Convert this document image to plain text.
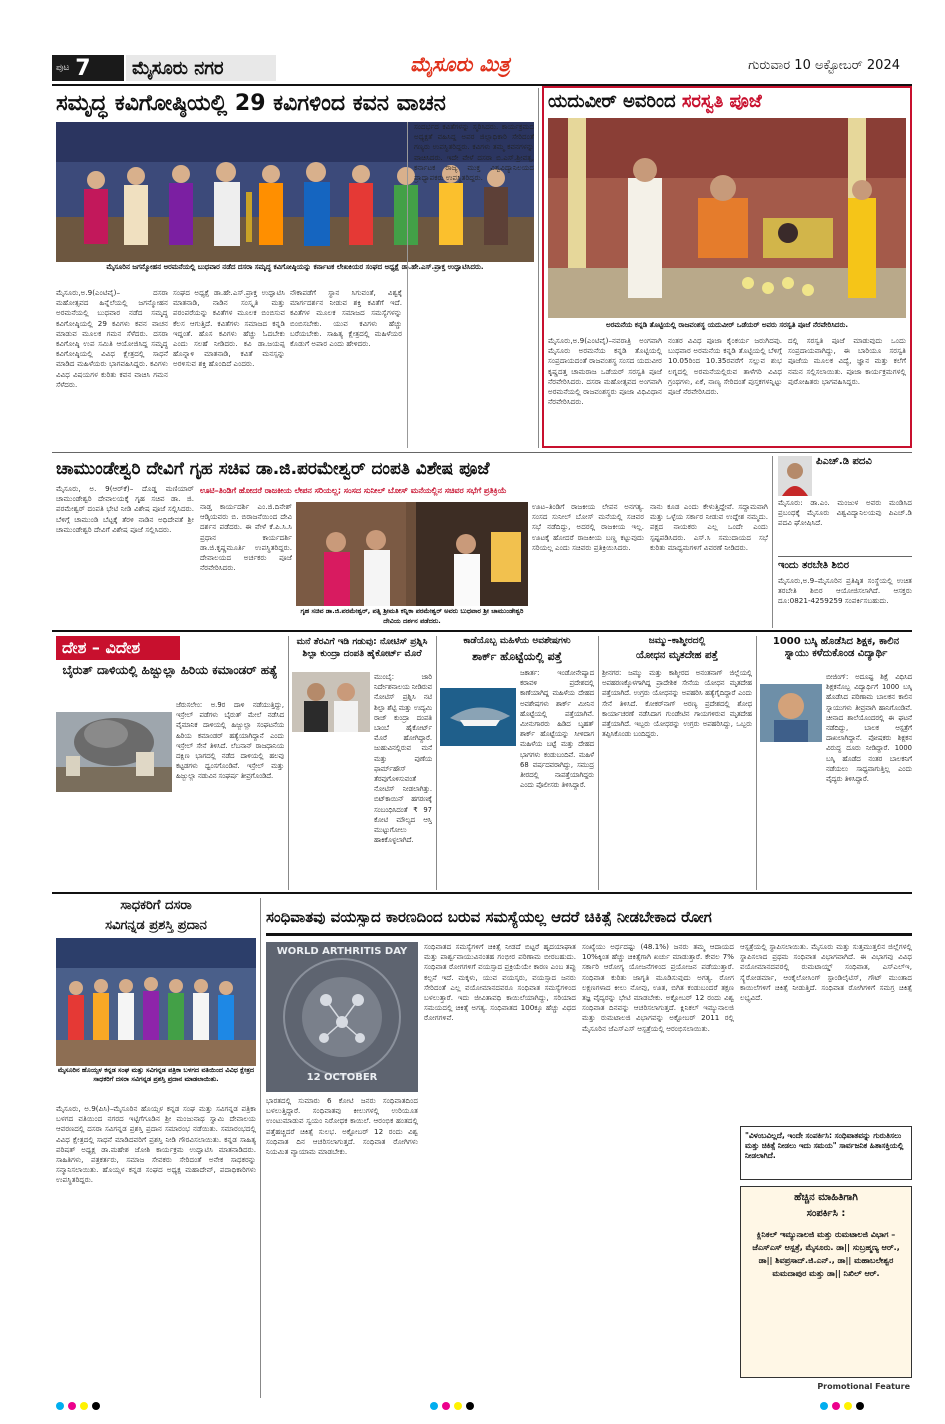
ಪುಟ 7	ಮೈಸೂರು ನಗರ	ಮೈಸೂರು ಮಿತ್ರ	ಗುರುವಾರ 10 ಅಕ್ಟೋಬರ್ 2024
ಸಮೃದ್ಧ ಕವಿಗೋಷ್ಠಿಯಲ್ಲಿ 29 ಕವಿಗಳಿಂದ ಕವನ ವಾಚನ
ಮೈಸೂರಿನ ಜಗನ್ಮೋಹನ ಅರಮನೆಯಲ್ಲಿ ಬುಧವಾರ ನಡೆದ ದಸರಾ ಸಮೃದ್ಧ ಕವಿಗೋಷ್ಠಿಯನ್ನು ಕರ್ನಾಟಕ ಲೇಖಕಿಯರ ಸಂಘದ ಅಧ್ಯಕ್ಷೆ ಡಾ.ಹೇ.ಎಸ್.ಪ್ರಾಕ್ತ ಉದ್ಘಾಟಿಸಿದರು.
ಮೈಸೂರು,ಅ.9(ಎಂಟಿವೈ)– ದಸರಾ ಮಹೋತ್ಸವದ ಹಿನ್ನೆಲೆಯಲ್ಲಿ ಜಗನ್ಮೋಹನ ಅರಮನೆಯಲ್ಲಿ ಬುಧವಾರ ನಡೆದ ಸಮೃದ್ಧ ಕವಿಗೋಷ್ಠಿಯಲ್ಲಿ 29 ಕವಿಗಳು ಕವನ ವಾಚನ ಮಾಡುವ ಮೂಲಕ ಗಮನ ಸೆಳೆದರು. ದಸರಾ ಕವಿಗೋಷ್ಠಿ ಉಪ ಸಮಿತಿ ಆಯೋಜಿಸಿದ್ದ ಸಮೃದ್ಧ ಕವಿಗೋಷ್ಠಿಯಲ್ಲಿ ವಿವಿಧ ಕ್ಷೇತ್ರದಲ್ಲಿ ಸಾಧನೆ ಮಾಡಿದ ಮಹಿಳೆಯರು ಭಾಗವಹಿಸಿದ್ದರು. ಕವಿಗಳು ವಿವಿಧ ವಿಷಯಗಳ ಕುರಿತು ಕವನ ವಾಚಿಸಿ ಗಮನ ಸೆಳೆದರು.
ಸಂಘದ ಅಧ್ಯಕ್ಷೆ ಡಾ.ಹೇ.ಎಸ್.ಪ್ರಾಕ್ತ ಉದ್ಘಾಟಿಸಿ ಮಾತನಾಡಿ, ನಾಡಿನ ಸಂಸ್ಕೃತಿ ಮತ್ತು ಪರಂಪರೆಯನ್ನು ಕವಿತೆಗಳ ಮೂಲಕ ಬಿಂಬಿಸುವ ಕೆಲಸ ಆಗುತ್ತಿದೆ. ಕವಿತೆಗಳು ಸಮಾಜದ ಕನ್ನಡಿ ಇದ್ದಂತೆ. ಹೊಸ ಕವಿಗಳು ಹೆಚ್ಚು ಓದಬೇಕು ಎಂದು ಸಲಹೆ ನೀಡಿದರು. ಕವಿ ಡಾ.ಜಯಪ್ಪ ಹೊನ್ನಾಳಿ ಮಾತನಾಡಿ, ಕವಿತೆ ಮನಸ್ಸನ್ನು ಅರಳಿಸುವ ಶಕ್ತಿ ಹೊಂದಿದೆ ಎಂದರು.
ನೌಕಾಪಡೆಗೆ ಸ್ಥಾನ ಸಿಗುವಂತೆ, ವಿಶ್ವಕ್ಕೆ ಮಾರ್ಗದರ್ಶನ ನೀಡುವ ಶಕ್ತಿ ಕವಿತೆಗೆ ಇದೆ. ಕವಿತೆಗಳ ಮೂಲಕ ಸಮಾಜದ ಸಮಸ್ಯೆಗಳನ್ನು ಬಿಂಬಿಸಬೇಕು. ಯುವ ಕವಿಗಳು ಹೆಚ್ಚು ಬರೆಯಬೇಕು. ಸಾಹಿತ್ಯ ಕ್ಷೇತ್ರದಲ್ಲಿ ಮಹಿಳೆಯರ ಕೊಡುಗೆ ಅಪಾರ ಎಂದು ಹೇಳಿದರು.
ಸಂದರ್ಭದ ಕವಿತೆಗಳನ್ನು ಸ್ಮರಿಸಿದರು. ಕಾರ್ಯಕ್ರಮದ ಅಧ್ಯಕ್ಷತೆ ವಹಿಸಿದ್ದ ಅಪರ ಜಿಲ್ಲಾಧಿಕಾರಿ ಸೇರಿದಂತೆ ಗಣ್ಯರು ಉಪಸ್ಥಿತರಿದ್ದರು. ಕವಿಗಳು ತಮ್ಮ ಕವನಗಳನ್ನು ವಾಚಿಸಿದರು. ಇದೇ ವೇಳೆ ದಸರಾ ಬಿ.ಎಸ್.ಶ್ರೀವತ್ಸ, ಕರ್ನಾಟಕ ರಾಜ್ಯ ಮುಕ್ತ ವಿಶ್ವವಿದ್ಯಾನಿಲಯದ ಪ್ರಾಧ್ಯಾಪಕರು ಉಪಸ್ಥಿತರಿದ್ದರು.
ಯದುವೀರ್ ಅವರಿಂದ ಸರಸ್ವತಿ ಪೂಜೆ
ಅರಮನೆಯ ಕನ್ನಡಿ ತೊಟ್ಟಿಯಲ್ಲಿ ರಾಜವಂಶಸ್ಥ ಯದುವೀರ್ ಒಡೆಯರ್ ಅವರು ಸರಸ್ವತಿ ಪೂಜೆ ನೆರವೇರಿಸಿದರು.
ಮೈಸೂರು,ಅ.9(ಎಂಟಿವೈ)–ನವರಾತ್ರಿ ಅಂಗವಾಗಿ ಮೈಸೂರು ಅರಮನೆಯ ಕನ್ನಡಿ ತೊಟ್ಟಿಯಲ್ಲಿ ಸಂಪ್ರದಾಯದಂತೆ ರಾಜವಂಶಸ್ಥ ಸಂಸದ ಯದುವೀರ ಕೃಷ್ಣದತ್ತ ಚಾಮರಾಜ ಒಡೆಯರ್ ಸರಸ್ವತಿ ಪೂಜೆ ನೆರವೇರಿಸಿದರು. ದಸರಾ ಮಹೋತ್ಸವದ ಅಂಗವಾಗಿ ಅರಮನೆಯಲ್ಲಿ ರಾಜವಂಶಸ್ಥರು ಪೂಜಾ ವಿಧಿವಿಧಾನ ನೆರವೇರಿಸಿದರು.
ನಂತರ ವಿವಿಧ ಪೂಜಾ ಕೈಂಕರ್ಯ ಜರುಗಿದವು. ಬುಧವಾರ ಅರಮನೆಯ ಕನ್ನಡಿ ತೊಟ್ಟಿಯಲ್ಲಿ ಬೆಳಿಗ್ಗೆ 10.05ರಿಂದ 10.35ರವರೆಗೆ ಸಲ್ಲುವ ಶುಭ ಲಗ್ನದಲ್ಲಿ ಅರಮನೆಯಲ್ಲಿರುವ ತಾಳೆಗರಿ ವಿವಿಧ ಗ್ರಂಥಗಳು, ಏಕೆ, ನಾಣ್ಯ ಸೇರಿದಂತೆ ಪುಸ್ತಕಗಳನ್ನಿಟ್ಟು ಪೂಜೆ ನೆರವೇರಿಸಿದರು.
ದಲ್ಲಿ ಸರಸ್ವತಿ ಪೂಜೆ ಮಾಡುವುದು ಒಂದು ಸಂಪ್ರದಾಯವಾಗಿದ್ದು, ಈ ಬಾರಿಯೂ ಸರಸ್ವತಿ ಪೂಜೆಯ ಮೂಲಕ ವಿದ್ಯೆ, ಜ್ಞಾನ ಮತ್ತು ಕಲೆಗೆ ನಮನ ಸಲ್ಲಿಸಲಾಯಿತು. ಪೂಜಾ ಕಾರ್ಯಕ್ರಮಗಳಲ್ಲಿ ಪುರೋಹಿತರು ಭಾಗವಹಿಸಿದ್ದರು.
ಚಾಮುಂಡೇಶ್ವರಿ ದೇವಿಗೆ ಗೃಹ ಸಚಿವ ಡಾ.ಜಿ.ಪರಮೇಶ್ವರ್ ದಂಪತಿ ವಿಶೇಷ ಪೂಜೆ
ಊಟಿ–ತಿಂಡಿಗೆ ಹೋದರೆ ರಾಜಕೀಯ ಲೇಪನ ಸರಿಯಲ್ಲ; ಸಂಸದ ಸುನೀಲ್ ಬೋಸ್ ಮನೆಯಲ್ಲಿನ ಸಚಿವರ ಸಭೆಗೆ ಪ್ರತಿಕ್ರಿಯೆ
ಮೈಸೂರು, ಅ. 9(ಆರ್‌ಕೆ)– ದೊಡ್ಡ ಮಣಿಯಾರ್ ಚಾಮುಂಡೇಶ್ವರಿ ದೇವಾಲಯಕ್ಕೆ ಗೃಹ ಸಚಿವ ಡಾ. ಜಿ. ಪರಮೇಶ್ವರ್ ದಂಪತಿ ಭೇಟಿ ನೀಡಿ ವಿಶೇಷ ಪೂಜೆ ಸಲ್ಲಿಸಿದರು. ಬೆಳಿಗ್ಗೆ ಚಾಮುಂಡಿ ಬೆಟ್ಟಕ್ಕೆ ತೆರಳಿ ನಾಡಿನ ಅಧಿದೇವತೆ ಶ್ರೀ ಚಾಮುಂಡೇಶ್ವರಿ ದೇವಿಗೆ ವಿಶೇಷ ಪೂಜೆ ಸಲ್ಲಿಸಿದರು.
ನಾಡ್ತ ಕಾರ್ಯದರ್ಶಿ ಎಂ.ಜಿ.ದಿನೇಶ್ ಆಡ್ಕಿಯವರು ಬಿ. ಬಿರಾಜನೆಯಿಂದ ದೇವಿ ದರ್ಶನ ಪಡೆದರು. ಈ ವೇಳೆ ಕೆ.ಪಿ.ಸಿ.ಸಿ ಪ್ರಧಾನ ಕಾರ್ಯದರ್ಶಿ ಡಾ.ಜಿ.ಕೃಷ್ಣಮೂರ್ತಿ ಉಪಸ್ಥಿತರಿದ್ದರು. ದೇವಾಲಯದ ಅರ್ಚಕರು ಪೂಜೆ ನೆರವೇರಿಸಿದರು.
ಗೃಹ ಸಚಿವ ಡಾ.ಜಿ.ಪರಮೇಶ್ವರ್, ಪತ್ನಿ ಶ್ರೀಮತಿ ಕನ್ನಿಕಾ ಪರಮೇಶ್ವರ್ ಅವರು ಬುಧವಾರ ಶ್ರೀ ಚಾಮುಂಡೇಶ್ವರಿ ದೇವಿಯ ದರ್ಶನ ಪಡೆದರು.
ಊಟ–ತಿಂಡಿಗೆ ರಾಜಕೀಯ ಲೇಪನ ಅನಗತ್ಯ. ಸಂಸದ ಸುನೀಲ್ ಬೋಸ್ ಮನೆಯಲ್ಲಿ ಸಚಿವರ ಸಭೆ ನಡೆದಿದ್ದು, ಅದರಲ್ಲಿ ರಾಜಕೀಯ ಇಲ್ಲ. ಊಟಕ್ಕೆ ಹೋದರೆ ರಾಜಕೀಯ ಬಣ್ಣ ಕಟ್ಟುವುದು ಸರಿಯಲ್ಲ ಎಂದು ಸಚಿವರು ಪ್ರತಿಕ್ರಿಯಿಸಿದರು.
ನಾನು ಕೂಡ ಎಂದು ಕೇಳುತ್ತಿದ್ದೇವೆ. ಸದ್ದಾಮವಾಗಿ ಮತ್ತು ಒಳ್ಳೆಯ ಸರ್ಕಾರ ನೀಡುವ ಉದ್ದೇಶ ನಮ್ಮದು. ಪಕ್ಷದ ನಾಯಕರು ಎಲ್ಲ ಒಂದೇ ಎಂದು ಸ್ಪಷ್ಟಪಡಿಸಿದರು. ಎಸ್.ಸಿ ಸಮುದಾಯದ ಸಭೆ ಕುರಿತು ಮಾಧ್ಯಮಗಳಿಗೆ ವಿವರಣೆ ನೀಡಿದರು.
ಪಿಎಚ್.ಡಿ ಪದವಿ
ಮೈಸೂರು: ಡಾ.ಎಂ. ಮಂಜುಳ ಅವರು ಮಂಡಿಸಿದ ಪ್ರಬಂಧಕ್ಕೆ ಮೈಸೂರು ವಿಶ್ವವಿದ್ಯಾನಿಲಯವು ಪಿಎಚ್.ಡಿ ಪದವಿ ಘೋಷಿಸಿದೆ.
ಇಂದು ತರಬೇತಿ ಶಿಬಿರ
ಮೈಸೂರು,ಅ.9–ಮೈಸೂರಿನ ಪ್ರತಿಷ್ಠಿತ ಸಂಸ್ಥೆಯಲ್ಲಿ ಉಚಿತ ತರಬೇತಿ ಶಿಬಿರ ಆಯೋಜಿಸಲಾಗಿದೆ. ಆಸಕ್ತರು ದೂ:0821-4259259 ಸಂಪರ್ಕಿಸಬಹುದು.
ದೇಶ – ವಿದೇಶ
ಬೈರುತ್ ದಾಳಿಯಲ್ಲಿ ಹಿಜ್ಬುಲ್ಲಾ ಹಿರಿಯ ಕಮಾಂಡರ್ ಹತ್ಯೆ
ಜೆರುಸಲೇಂ: ಅ.9ರ ದಾಳಿ ನಡೆಯುತ್ತಿದ್ದು, ಇಸ್ರೇಲ್ ಪಡೆಗಳು ಬೈರುತ್ ಮೇಲೆ ನಡೆಸಿದ ವೈಮಾನಿಕ ದಾಳಿಯಲ್ಲಿ ಹಿಜ್ಬುಲ್ಲಾ ಸಂಘಟನೆಯ ಹಿರಿಯ ಕಮಾಂಡರ್ ಹತ್ಯೆಯಾಗಿದ್ದಾನೆ ಎಂದು ಇಸ್ರೇಲ್ ಸೇನೆ ತಿಳಿಸಿದೆ. ಲೆಬನಾನ್ ರಾಜಧಾನಿಯ ದಕ್ಷಿಣ ಭಾಗದಲ್ಲಿ ನಡೆದ ದಾಳಿಯಲ್ಲಿ ಹಲವು ಕಟ್ಟಡಗಳು ಧ್ವಂಸಗೊಂಡಿವೆ. ಇಸ್ರೇಲ್ ಮತ್ತು ಹಿಜ್ಬುಲ್ಲಾ ನಡುವಿನ ಸಂಘರ್ಷ ತೀವ್ರಗೊಂಡಿದೆ.
ಮನೆ ತೆರವಿಗೆ ಇಡಿ ಗಡುವು: ನೋಟಿಸ್ ಪ್ರಶ್ನಿಸಿ ಶಿಲ್ಪಾ ಕುಂದ್ರಾ ದಂಪತಿ ಹೈಕೋರ್ಟ್ ಮೊರೆ
ಮುಂಬೈ: ಜಾರಿ ನಿರ್ದೇಶನಾಲಯ ನೀಡಿರುವ ನೋಟಿಸ್ ಪ್ರಶ್ನಿಸಿ ನಟಿ ಶಿಲ್ಪಾ ಶೆಟ್ಟಿ ಮತ್ತು ಉದ್ಯಮಿ ರಾಜ್ ಕುಂದ್ರಾ ದಂಪತಿ ಬಾಂಬೆ ಹೈಕೋರ್ಟ್ ಮೊರೆ ಹೋಗಿದ್ದಾರೆ. ಜುಹುವಿನಲ್ಲಿರುವ ಮನೆ ಮತ್ತು ಪುಣೆಯ ಫಾರ್ಮ್‌ಹೌಸ್ ತೆರವುಗೊಳಿಸುವಂತೆ ನೋಟಿಸ್ ನೀಡಲಾಗಿತ್ತು. ಬಿಟ್‌ಕಾಯಿನ್ ಹಗರಣಕ್ಕೆ ಸಂಬಂಧಿಸಿದಂತೆ ₹ 97 ಕೋಟಿ ಮೌಲ್ಯದ ಆಸ್ತಿ ಮುಟ್ಟುಗೋಲು ಹಾಕಿಕೊಳ್ಳಲಾಗಿದೆ.
ಕಾಡೆಯೊಬ್ಬ ಮಹಿಳೆಯ ಅವಶೇಷಗಳು
ಶಾರ್ಕ್ ಹೊಟ್ಟೆಯಲ್ಲಿ ಪತ್ತೆ
ಜಕಾರ್ತ: ಇಂಡೋನೇಷ್ಯಾದ ಕರಾವಳಿ ಪ್ರದೇಶದಲ್ಲಿ ಕಾಣೆಯಾಗಿದ್ದ ಮಹಿಳೆಯ ದೇಹದ ಅವಶೇಷಗಳು ಶಾರ್ಕ್ ಮೀನಿನ ಹೊಟ್ಟೆಯಲ್ಲಿ ಪತ್ತೆಯಾಗಿವೆ. ಮೀನುಗಾರರು ಹಿಡಿದ ಬೃಹತ್ ಶಾರ್ಕ್ ಹೊಟ್ಟೆಯನ್ನು ಸೀಳಿದಾಗ ಮಹಿಳೆಯ ಬಟ್ಟೆ ಮತ್ತು ದೇಹದ ಭಾಗಗಳು ಕಂಡುಬಂದಿವೆ. ಮಹಿಳೆ 68 ವರ್ಷದವರಾಗಿದ್ದು, ಸಮುದ್ರ ತೀರದಲ್ಲಿ ನಾಪತ್ತೆಯಾಗಿದ್ದರು ಎಂದು ಪೊಲೀಸರು ತಿಳಿಸಿದ್ದಾರೆ.
ಜಮ್ಮು–ಕಾಶ್ಮೀರದಲ್ಲಿ
ಯೋಧನ ಮೃತದೇಹ ಪತ್ತೆ
ಶ್ರೀನಗರ: ಜಮ್ಮು ಮತ್ತು ಕಾಶ್ಮೀರದ ಅನಂತನಾಗ್ ಜಿಲ್ಲೆಯಲ್ಲಿ ಅಪಹರಣಕ್ಕೊಳಗಾಗಿದ್ದ ಪ್ರಾದೇಶಿಕ ಸೇನೆಯ ಯೋಧನ ಮೃತದೇಹ ಪತ್ತೆಯಾಗಿದೆ. ಉಗ್ರರು ಯೋಧನನ್ನು ಅಪಹರಿಸಿ ಹತ್ಯೆಗೈದಿದ್ದಾರೆ ಎಂದು ಸೇನೆ ತಿಳಿಸಿದೆ. ಕೋಕರ್‌ನಾಗ್ ಅರಣ್ಯ ಪ್ರದೇಶದಲ್ಲಿ ಶೋಧ ಕಾರ್ಯಾಚರಣೆ ನಡೆಸಿದಾಗ ಗುಂಡೇಟಿನ ಗಾಯಗಳಿರುವ ಮೃತದೇಹ ಪತ್ತೆಯಾಗಿದೆ. ಇಬ್ಬರು ಯೋಧರನ್ನು ಉಗ್ರರು ಅಪಹರಿಸಿದ್ದು, ಒಬ್ಬರು ತಪ್ಪಿಸಿಕೊಂಡು ಬಂದಿದ್ದರು.
1000 ಬಸ್ಕಿ ಹೊಡೆಸಿದ ಶಿಕ್ಷಕ, ಕಾಲಿನ ಸ್ನಾಯು ಕಳೆದುಕೊಂಡ ವಿದ್ಯಾರ್ಥಿ
ಬೀಜಿಂಗ್: ಅದೂಷ್ಟ ಶಿಕ್ಷೆ ವಿಧಿಸಿದ ಶಿಕ್ಷಕನೊಬ್ಬ ವಿದ್ಯಾರ್ಥಿಗೆ 1000 ಬಸ್ಕಿ ಹೊಡೆಸಿದ ಪರಿಣಾಮ ಬಾಲಕನ ಕಾಲಿನ ಸ್ನಾಯುಗಳು ತೀವ್ರವಾಗಿ ಹಾನಿಗೊಂಡಿವೆ. ಚೀನಾದ ಶಾಲೆಯೊಂದರಲ್ಲಿ ಈ ಘಟನೆ ನಡೆದಿದ್ದು, ಬಾಲಕ ಆಸ್ಪತ್ರೆಗೆ ದಾಖಲಾಗಿದ್ದಾನೆ. ಪೋಷಕರು ಶಿಕ್ಷಕನ ವಿರುದ್ಧ ದೂರು ನೀಡಿದ್ದಾರೆ. 1000 ಬಸ್ಕಿ ಹೊಡೆದ ನಂತರ ಬಾಲಕನಿಗೆ ನಡೆಯಲು ಸಾಧ್ಯವಾಗುತ್ತಿಲ್ಲ ಎಂದು ವೈದ್ಯರು ತಿಳಿಸಿದ್ದಾರೆ.
ಸಾಧಕರಿಗೆ ದಸರಾ
ಸವಿಗನ್ನಡ ಪ್ರಶಸ್ತಿ ಪ್ರದಾನ
ಮೈಸೂರಿನ ಹೊಯ್ಸಳ ಕನ್ನಡ ಸಂಘ ಮತ್ತು ಸವಿಗನ್ನಡ ಪತ್ರಿಕಾ ಬಳಗದ ವತಿಯಿಂದ ವಿವಿಧ ಕ್ಷೇತ್ರದ ಸಾಧಕರಿಗೆ ದಸರಾ ಸವಿಗನ್ನಡ ಪ್ರಶಸ್ತಿ ಪ್ರದಾನ ಮಾಡಲಾಯಿತು.
ಮೈಸೂರು, ಅ.9(ಪಿಸಿ)–ಮೈಸೂರಿನ ಹೊಯ್ಸಳ ಕನ್ನಡ ಸಂಘ ಮತ್ತು ಸವಿಗನ್ನಡ ಪತ್ರಿಕಾ ಬಳಗದ ವತಿಯಿಂದ ನಗರದ ಇಟ್ಟಿಗೆಗೂಡಿನ ಶ್ರೀ ಮಂಜುನಾಥ ಸ್ವಾಮಿ ದೇವಾಲಯ ಆವರಣದಲ್ಲಿ ದಸರಾ ಸವಿಗನ್ನಡ ಪ್ರಶಸ್ತಿ ಪ್ರದಾನ ಸಮಾರಂಭ ನಡೆಯಿತು. ಸಮಾರಂಭದಲ್ಲಿ ವಿವಿಧ ಕ್ಷೇತ್ರದಲ್ಲಿ ಸಾಧನೆ ಮಾಡಿದವರಿಗೆ ಪ್ರಶಸ್ತಿ ನೀಡಿ ಗೌರವಿಸಲಾಯಿತು. ಕನ್ನಡ ಸಾಹಿತ್ಯ ಪರಿಷತ್ ಅಧ್ಯಕ್ಷ ಡಾ.ಮಹೇಶ ಜೋಶಿ ಕಾರ್ಯಕ್ರಮ ಉದ್ಘಾಟಿಸಿ ಮಾತನಾಡಿದರು. ಸಾಹಿತಿಗಳು, ಪತ್ರಕರ್ತರು, ಸಮಾಜ ಸೇವಕರು ಸೇರಿದಂತೆ ಅನೇಕ ಸಾಧಕರನ್ನು ಸನ್ಮಾನಿಸಲಾಯಿತು. ಹೊಯ್ಸಳ ಕನ್ನಡ ಸಂಘದ ಅಧ್ಯಕ್ಷ ಮಹಾದೇವ್, ಪದಾಧಿಕಾರಿಗಳು ಉಪಸ್ಥಿತರಿದ್ದರು.
ಸಂಧಿವಾತವು ವಯಸ್ಸಾದ ಕಾರಣದಿಂದ ಬರುವ ಸಮಸ್ಯೆಯಲ್ಲ ಆದರೆ ಚಿಕಿತ್ಸೆ ನೀಡಬೇಕಾದ ರೋಗ
WORLD ARTHRITIS DAY
12 OCTOBER
ಭಾರತದಲ್ಲಿ ಸುಮಾರು 6 ಕೋಟಿ ಜನರು ಸಂಧಿವಾತದಿಂದ ಬಳಲುತ್ತಿದ್ದಾರೆ. ಸಂಧಿವಾತವು ಕೀಲುಗಳಲ್ಲಿ ಉರಿಯೂತ ಉಂಟುಮಾಡುವ ಸ್ವಯಂ ನಿರೋಧಕ ಕಾಯಿಲೆ. ಆರಂಭಿಕ ಹಂತದಲ್ಲಿ ಪತ್ತೆಹಚ್ಚಿದರೆ ಚಿಕಿತ್ಸೆ ಸುಲಭ. ಅಕ್ಟೋಬರ್ 12 ರಂದು ವಿಶ್ವ ಸಂಧಿವಾತ ದಿನ ಆಚರಿಸಲಾಗುತ್ತದೆ. ಸಂಧಿವಾತ ರೋಗಿಗಳು ನಿಯಮಿತ ವ್ಯಾಯಾಮ ಮಾಡಬೇಕು.
ಸಂಧಿವಾತದ ಸಮಸ್ಯೆಗಳಿಗೆ ಚಿಕಿತ್ಸೆ ನೀಡದೆ ಬಿಟ್ಟರೆ ಹೃದಯಾಘಾತ ಮತ್ತು ಪಾರ್ಶ್ವವಾಯುವಿನಂತಹ ಗಂಭೀರ ಪರಿಣಾಮ ಬೀರಬಹುದು. ಸಂಧಿವಾತ ರೋಗಗಳಿಗೆ ವಯಸ್ಸಾದ ಪ್ರಕ್ರಿಯೆಯೇ ಕಾರಣ ಎಂಬ ತಪ್ಪು ಕಲ್ಪನೆ ಇದೆ. ಮಕ್ಕಳು, ಯುವ ವಯಸ್ಕರು, ವಯಸ್ಸಾದ ಜನರು ಸೇರಿದಂತೆ ಎಲ್ಲ ವಯೋಮಾನದವರೂ ಸಂಧಿವಾತ ಸಮಸ್ಯೆಗಳಿಂದ ಬಳಲುತ್ತಾರೆ. ಇದು ಜೀವಿತಾವಧಿ ಕಾಯಿಲೆಯಾಗಿದ್ದು, ಸರಿಯಾದ ಸಮಯದಲ್ಲಿ ಚಿಕಿತ್ಸೆ ಅಗತ್ಯ. ಸಂಧಿವಾತದ 100ಕ್ಕೂ ಹೆಚ್ಚು ವಿಧದ ರೋಗಗಳಿವೆ.
ಸಂಖ್ಯೆಯು ಅರ್ಧದಷ್ಟು (48.1%) ಜನರು ತಮ್ಮ ಆದಾಯದ 10%ಕ್ಕಿಂತ ಹೆಚ್ಚು ಚಿಕಿತ್ಸೆಗಾಗಿ ಖರ್ಚು ಮಾಡುತ್ತಾರೆ. ಕೇವಲ 7% ಸರ್ಕಾರಿ ಆರೋಗ್ಯ ಯೋಜನೆಗಳಿಂದ ಪ್ರಯೋಜನ ಪಡೆಯುತ್ತಾರೆ. ಸಂಧಿವಾತ ಕುರಿತು ಜಾಗೃತಿ ಮೂಡಿಸುವುದು ಅಗತ್ಯ. ರೋಗ ಲಕ್ಷಣಗಳಾದ ಕೀಲು ನೋವು, ಊತ, ಬಿಗಿತ ಕಂಡುಬಂದರೆ ತಕ್ಷಣ ತಜ್ಞ ವೈದ್ಯರನ್ನು ಭೇಟಿ ಮಾಡಬೇಕು. ಅಕ್ಟೋಬರ್ 12 ರಂದು ವಿಶ್ವ ಸಂಧಿವಾತ ದಿನವನ್ನು ಆಚರಿಸಲಾಗುತ್ತದೆ. ಕ್ಲಿನಿಕಲ್ ಇಮ್ಯುನಾಲಜಿ ಮತ್ತು ರುಮಟಾಲಜಿ ವಿಭಾಗವನ್ನು ಅಕ್ಟೋಬರ್ 2011 ರಲ್ಲಿ ಮೈಸೂರಿನ ಜೆಎಸ್‌ಎಸ್ ಆಸ್ಪತ್ರೆಯಲ್ಲಿ ಆರಂಭಿಸಲಾಯಿತು.
ಆಸ್ಪತ್ರೆಯಲ್ಲಿ ಸ್ಥಾಪಿಸಲಾಯಿತು. ಮೈಸೂರು ಮತ್ತು ಸುತ್ತಮುತ್ತಲಿನ ಜಿಲ್ಲೆಗಳಲ್ಲಿ ಸ್ಥಾಪಿಸಲಾದ ಪ್ರಥಮ ಸಂಧಿವಾತ ವಿಭಾಗವಾಗಿದೆ. ಈ ವಿಭಾಗವು ವಿವಿಧ ವಯೋಮಾನದವರಲ್ಲಿ ರುಮಟಾಯ್ಡ್ ಸಂಧಿವಾತ, ಎಸ್‌ಎಲ್‌ಇ, ಸ್ಕ್ಲೆರೋಡರ್ಮಾ, ಆಂಕೈಲೋಸಿಂಗ್ ಸ್ಪಾಂಡಿಲೈಟಿಸ್, ಗೌಟ್ ಮುಂತಾದ ಕಾಯಿಲೆಗಳಿಗೆ ಚಿಕಿತ್ಸೆ ನೀಡುತ್ತಿದೆ. ಸಂಧಿವಾತ ರೋಗಿಗಳಿಗೆ ಸಮಗ್ರ ಚಿಕಿತ್ಸೆ ಲಭ್ಯವಿದೆ.
"ವಿಳಂಬವಿಲ್ಲದೆ, ಇಂದೇ ಸಂಪರ್ಕಿಸಿ: ಸಂಧಿವಾತವನ್ನು ಗುರುತಿಸಲು ಮತ್ತು ಚಿಕಿತ್ಸೆ ನೀಡಲು ಇದು ಸಮಯ" ಸಾರ್ವಜನಿಕ ಹಿತಾಸಕ್ತಿಯಲ್ಲಿ ನೀಡಲಾಗಿದೆ.
ಹೆಚ್ಚಿನ ಮಾಹಿತಿಗಾಗಿ
ಸಂಪರ್ಕಿಸಿ :
ಕ್ಲಿನಿಕಲ್ ಇಮ್ಯುನಾಲಜಿ ಮತ್ತು ರುಮಟಾಲಜಿ ವಿಭಾಗ – ಜೆಎಸ್‌ಎಸ್ ಆಸ್ಪತ್ರೆ, ಮೈಸೂರು. ಡಾ|| ಸುಬ್ರಹ್ಮಣ್ಯ ಆರ್., ಡಾ|| ಶಿವಪ್ರಸಾದ್.ಜಿ.ಎನ್., ಡಾ|| ಮಹಾಬಲೇಶ್ವರ ಮಮದಾಪುರ ಮತ್ತು ಡಾ|| ನಿಖಿಲ್ ಆರ್.
Promotional Feature
